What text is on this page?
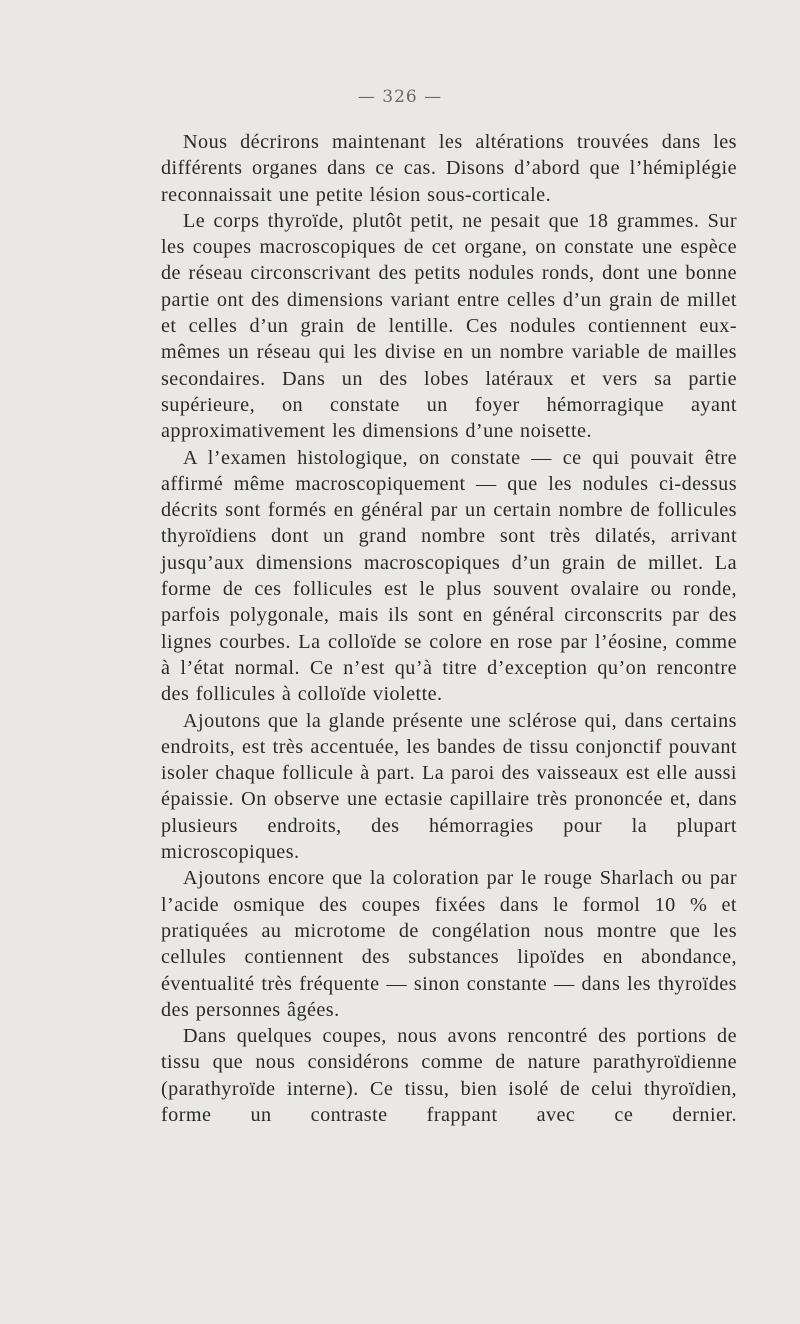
— 326 —

Nous décrirons maintenant les altérations trouvées dans les différents organes dans ce cas. Disons d’abord que l’hémiplégie reconnaissait une petite lésion sous-corticale.

Le corps thyroïde, plutôt petit, ne pesait que 18 grammes. Sur les coupes macroscopiques de cet organe, on constate une espèce de réseau circonscrivant des petits nodules ronds, dont une bonne partie ont des dimensions variant entre celles d’un grain de millet et celles d’un grain de lentille. Ces nodules contiennent eux-mêmes un réseau qui les divise en un nombre variable de mailles secondaires. Dans un des lobes latéraux et vers sa partie supérieure, on constate un foyer hémorragique ayant approximativement les dimensions d’une noisette.

A l’examen histologique, on constate — ce qui pouvait être affirmé même macroscopiquement — que les nodules ci-dessus décrits sont formés en général par un certain nombre de follicules thyroïdiens dont un grand nombre sont très dilatés, arrivant jusqu’aux dimensions macroscopiques d’un grain de millet. La forme de ces follicules est le plus souvent ovalaire ou ronde, parfois polygonale, mais ils sont en général circonscrits par des lignes courbes. La colloïde se colore en rose par l’éosine, comme à l’état normal. Ce n’est qu’à titre d’exception qu’on rencontre des follicules à colloïde violette.

Ajoutons que la glande présente une sclérose qui, dans certains endroits, est très accentuée, les bandes de tissu conjonctif pouvant isoler chaque follicule à part. La paroi des vaisseaux est elle aussi épaissie. On observe une ectasie capillaire très prononcée et, dans plusieurs endroits, des hémorragies pour la plupart microscopiques.

Ajoutons encore que la coloration par le rouge Sharlach ou par l’acide osmique des coupes fixées dans le formol 10 % et pratiquées au microtome de congélation nous montre que les cellules contiennent des substances lipoïdes en abondance, éventualité très fréquente — sinon constante — dans les thyroïdes des personnes âgées.

Dans quelques coupes, nous avons rencontré des portions de tissu que nous considérons comme de nature parathyroïdienne (parathyroïde interne). Ce tissu, bien isolé de celui thyroïdien, forme un contraste frappant avec ce dernier.
